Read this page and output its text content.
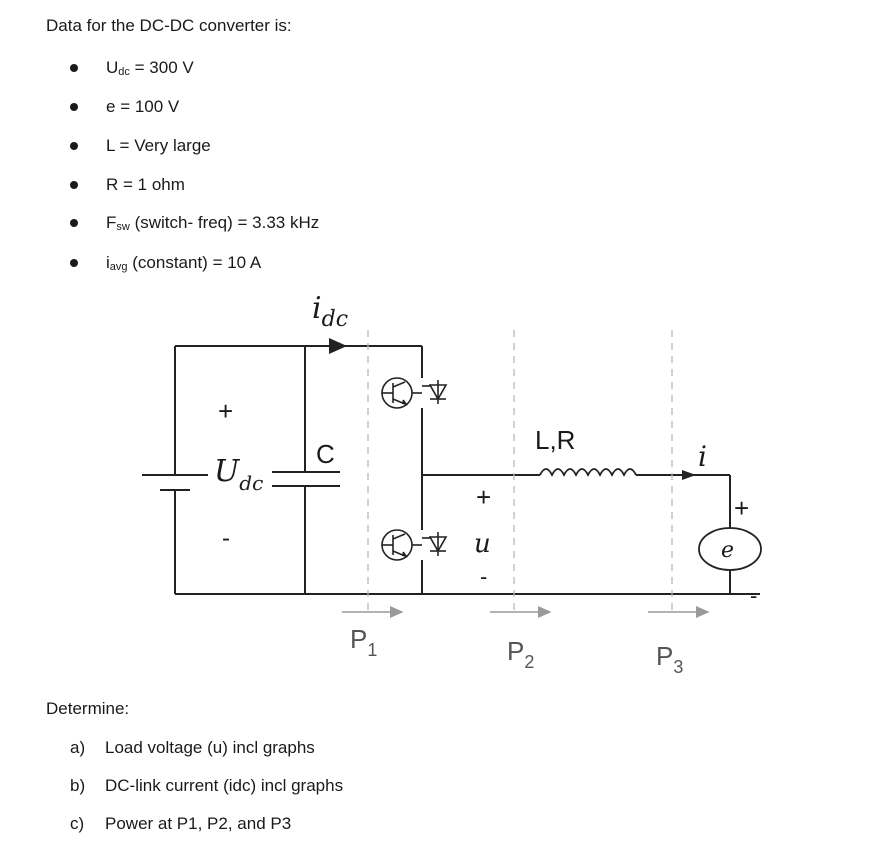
Data for the DC-DC converter is:

$U_{dc} = 300$ V
e = 100 V
L = Very large
R = 1 ohm
$F_{sw}$ (switch- freq) = 3.33 kHz
$i_{avg}$ (constant) = 10 A
$i_{dc}$
+
$U_{dc}$
-
C	L,R
+
u
-
i
+
e
-
$P_1$	$P_2$	$P_3$

Determine:

a) Load voltage (u) incl graphs
b) DC-link current (idc) incl graphs
c) Power at P1, P2, and P3
